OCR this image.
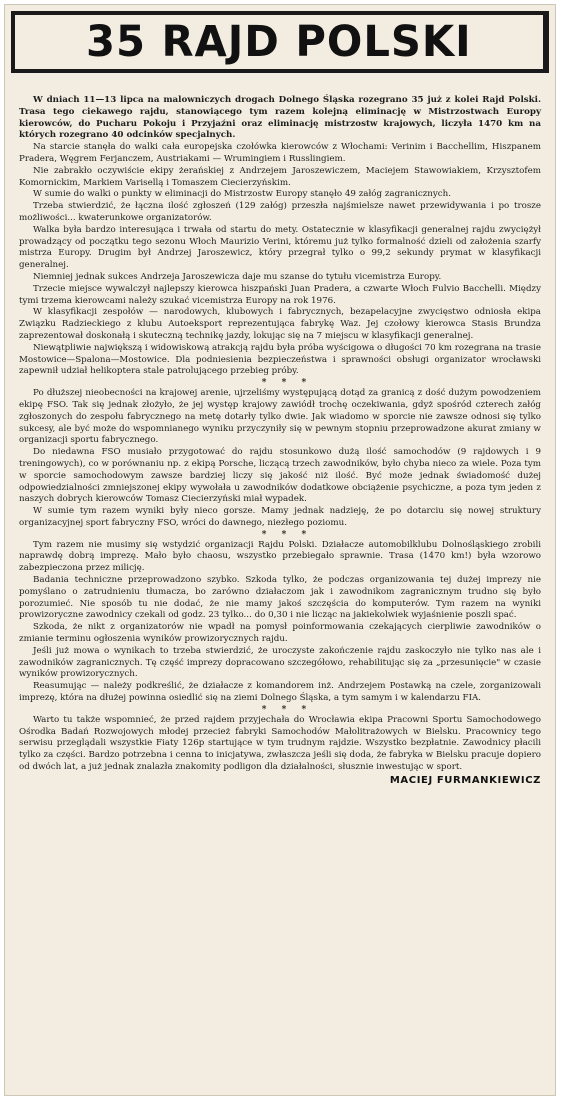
35 RAJD POLSKI

W dniach 11—13 lipca na malowniczych drogach Dolnego Śląska rozegrano 35 już z kolei Rajd Polski. Trasa tego ciekawego rajdu, stanowiącego tym razem kolejną eliminację w Mistrzostwach Europy kierowców, do Pucharu Pokoju i Przyjaźni oraz eliminację mistrzostw krajowych, liczyła 1470 km na których rozegrano 40 odcinków specjalnych.

Na starcie stanęła do walki cała europejska czołówka kierowców z Włochami: Verinim i Bacchellim, Hiszpanem Pradera, Węgrem Ferjanczem, Austriakami — Wrumingiem i Russlingiem.

Nie zabrakło oczywiście ekipy żerańskiej z Andrzejem Jaroszewiczem, Maciejem Stawowiakiem, Krzysztofem Komornickim, Markiem Varisellą i Tomaszem Ciecierzyńskim.

W sumie do walki o punkty w eliminacji do Mistrzostw Europy stanęło 49 załóg zagranicznych.

Trzeba stwierdzić, że łączna ilość zgłoszeń (129 załóg) przeszła najśmielsze nawet przewidywania i po trosze możliwości... kwaterunkowe organizatorów.

Walka była bardzo interesująca i trwała od startu do mety. Ostatecznie w klasyfikacji generalnej rajdu zwyciężył prowadzący od początku tego sezonu Włoch Maurizio Verini, któremu już tylko formalność dzieli od założenia szarfy mistrza Europy. Drugim był Andrzej Jaroszewicz, który przegrał tylko o 99,2 sekundy prymat w klasyfikacji generalnej.

Niemniej jednak sukces Andrzeja Jaroszewicza daje mu szanse do tytułu vicemistrza Europy.

Trzecie miejsce wywalczył najlepszy kierowca hiszpański Juan Pradera, a czwarte Włoch Fulvio Bacchelli. Między tymi trzema kierowcami należy szukać vicemistrza Europy na rok 1976.

W klasyfikacji zespołów — narodowych, klubowych i fabrycznych, bezapelacyjne zwycięstwo odniosła ekipa Związku Radzieckiego z klubu Autoeksport reprezentująca fabrykę Waz. Jej czołowy kierowca Stasis Brundza zaprezentował doskonałą i skuteczną technikę jazdy, lokując się na 7 miejscu w klasyfikacji generalnej.

Niewątpliwie największą i widowiskową atrakcją rajdu była próba wyścigowa o długości 70 km rozegrana na trasie Mostowice—Spalona—Mostowice. Dla podniesienia bezpieczeństwa i sprawności obsługi organizator wrocławski zapewnił udział helikoptera stale patrolującego przebieg próby.

* * *

Po dłuższej nieobecności na krajowej arenie, ujrzeliśmy występującą dotąd za granicą z dość dużym powodzeniem ekipę FSO. Tak się jednak złożyło, że jej występ krajowy zawiódł trochę oczekiwania, gdyż spośród czterech załóg zgłoszonych do zespołu fabrycznego na metę dotarły tylko dwie. Jak wiadomo w sporcie nie zawsze odnosi się tylko sukcesy, ale być może do wspomnianego wyniku przyczyniły się w pewnym stopniu przeprowadzone akurat zmiany w organizacji sportu fabrycznego.

Do niedawna FSO musiało przygotować do rajdu stosunkowo dużą ilość samochodów (9 rajdowych i 9 treningowych), co w porównaniu np. z ekipą Porsche, liczącą trzech zawodników, było chyba nieco za wiele. Poza tym w sporcie samochodowym zawsze bardziej liczy się jakość niż ilość. Być może jednak świadomość dużej odpowiedzialności zmniejszonej ekipy wywołała u zawodników dodatkowe obciążenie psychiczne, a poza tym jeden z naszych dobrych kierowców Tomasz Ciecierzyński miał wypadek.

W sumie tym razem wyniki były nieco gorsze. Mamy jednak nadzieję, że po dotarciu się nowej struktury organizacyjnej sport fabryczny FSO, wróci do dawnego, niezłego poziomu.

* * *

Tym razem nie musimy się wstydzić organizacji Rajdu Polski. Działacze automobilklubu Dolnośląskiego zrobili naprawdę dobrą imprezę. Mało było chaosu, wszystko przebiegało sprawnie. Trasa (1470 km!) była wzorowo zabezpieczona przez milicję.

Badania techniczne przeprowadzono szybko. Szkoda tylko, że podczas organizowania tej dużej imprezy nie pomyślano o zatrudnieniu tłumacza, bo zarówno działaczom jak i zawodnikom zagranicznym trudno się było porozumieć. Nie sposób tu nie dodać, że nie mamy jakoś szczęścia do komputerów. Tym razem na wyniki prowizoryczne zawodnicy czekali od godz. 23 tylko... do 0,30 i nie licząc na jakiekolwiek wyjaśnienie poszli spać.

Szkoda, że nikt z organizatorów nie wpadł na pomysł poinformowania czekających cierpliwie zawodników o zmianie terminu ogłoszenia wyników prowizorycznych rajdu.

Jeśli już mowa o wynikach to trzeba stwierdzić, że uroczyste zakończenie rajdu zaskoczyło nie tylko nas ale i zawodników zagranicznych. Tę część imprezy dopracowano szczegółowo, rehabilitując się za „przesunięcie" w czasie wyników prowizorycznych.

Reasumując — należy podkreślić, że działacze z komandorem inż. Andrzejem Postawką na czele, zorganizowali imprezę, która na dłużej powinna osiedlić się na ziemi Dolnego Śląska, a tym samym i w kalendarzu FIA.

* * *

Warto tu także wspomnieć, że przed rajdem przyjechała do Wrocławia ekipa Pracowni Sportu Samochodowego Ośrodka Badań Rozwojowych młodej przecież fabryki Samochodów Małolitrażowych w Bielsku. Pracownicy tego serwisu przeglądali wszystkie Fiaty 126p startujące w tym trudnym rajdzie. Wszystko bezpłatnie. Zawodnicy płacili tylko za części. Bardzo potrzebna i cenna to inicjatywa, zwłaszcza jeśli się doda, że fabryka w Bielsku pracuje dopiero od dwóch lat, a już jednak znalazła znakomity podligon dla działalności, słusznie inwestując w sport.

MACIEJ FURMANKIEWICZ
